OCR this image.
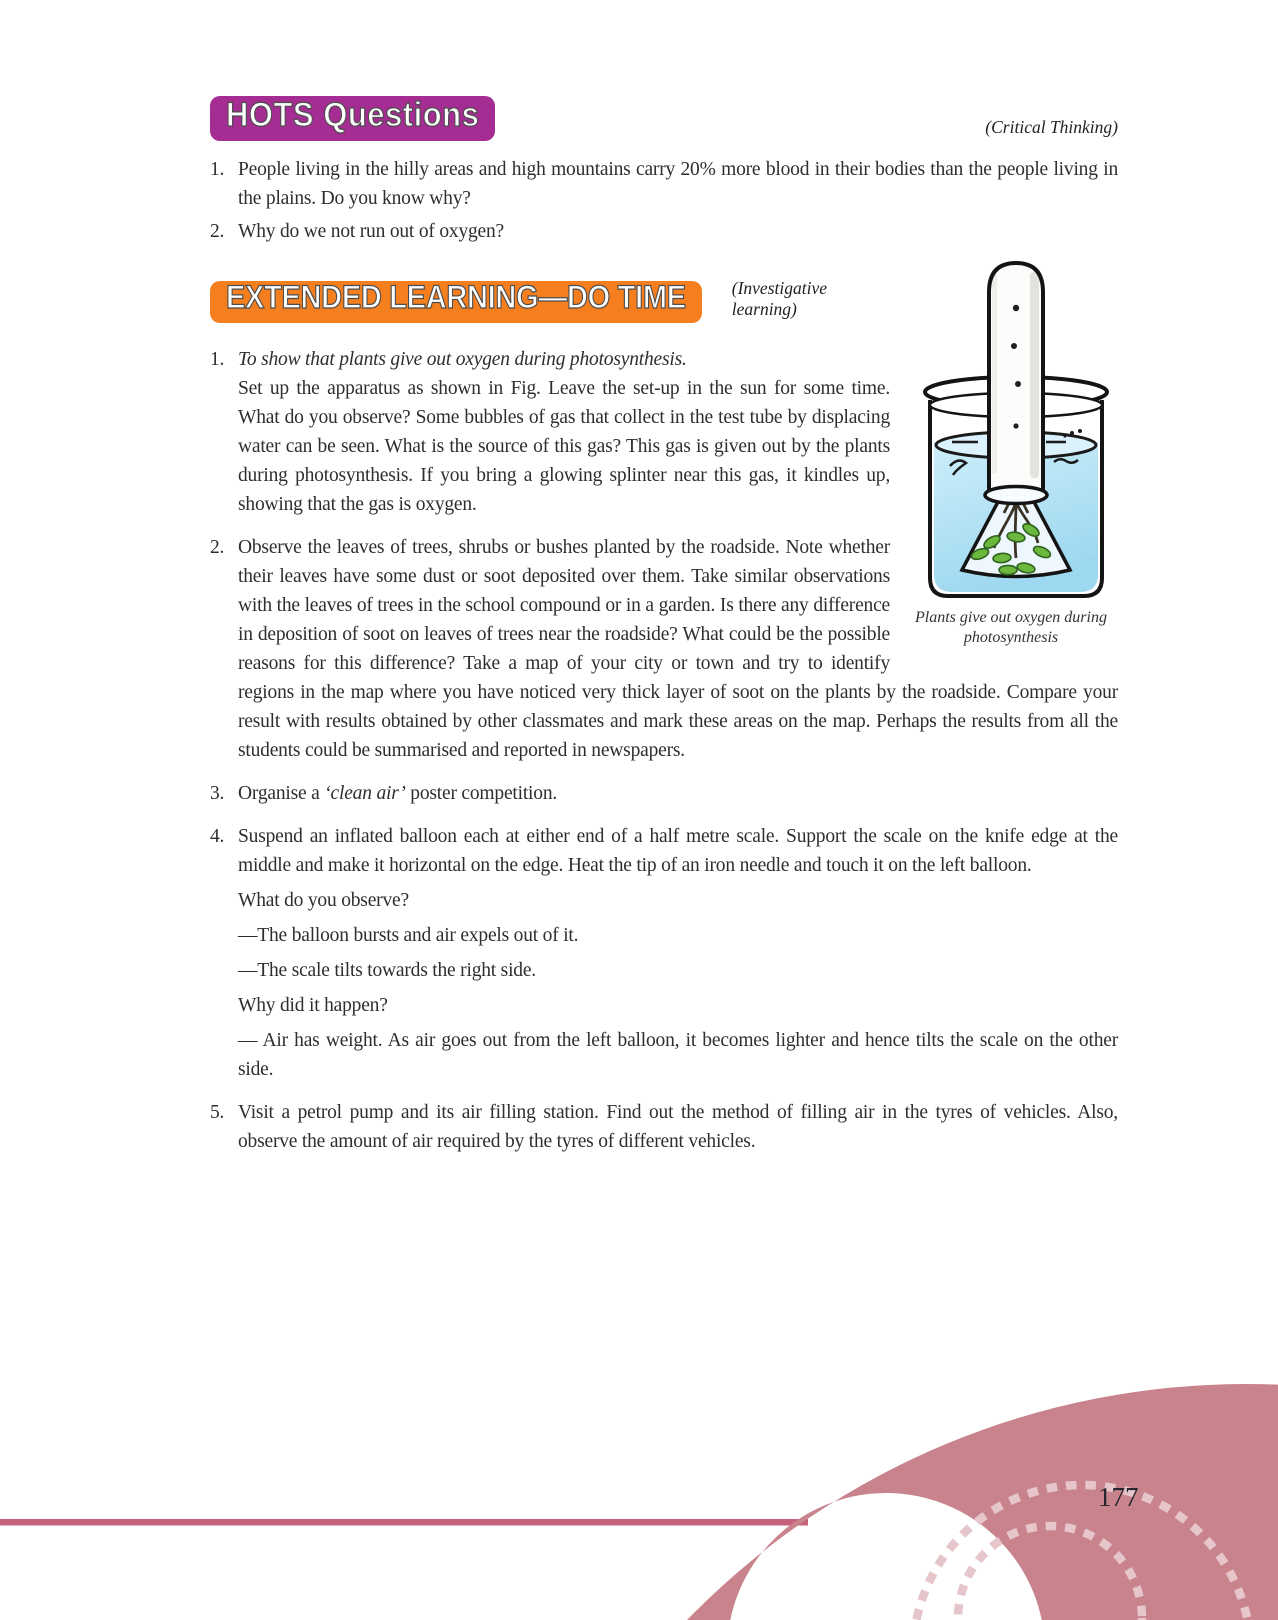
HOTS Questions	(Critical Thinking)
1. People living in the hilly areas and high mountains carry 20% more blood in their bodies than the people living in the plains. Do you know why?
2. Why do we not run out of oxygen?
Plants give out oxygen during photosynthesis
EXTENDED LEARNING—DO TIME	(Investigative learning)
1. To show that plants give out oxygen during photosynthesis.

Set up the apparatus as shown in Fig. Leave the set-up in the sun for some time. What do you observe? Some bubbles of gas that collect in the test tube by displacing water can be seen. What is the source of this gas? This gas is given out by the plants during photosynthesis. If you bring a glowing splinter near this gas, it kindles up, showing that the gas is oxygen.

2. Observe the leaves of trees, shrubs or bushes planted by the roadside. Note whether their leaves have some dust or soot deposited over them. Take similar observations with the leaves of trees in the school compound or in a garden. Is there any difference in deposition of soot on leaves of trees near the roadside? What could be the possible reasons for this difference? Take a map of your city or town and try to identify regions in the map where you have noticed very thick layer of soot on the plants by the roadside. Compare your result with results obtained by other classmates and mark these areas on the map. Perhaps the results from all the students could be summarised and reported in newspapers.
3. Organise a ‘clean air’ poster competition.
4. Suspend an inflated balloon each at either end of a half metre scale. Support the scale on the knife edge at the middle and make it horizontal on the edge. Heat the tip of an iron needle and touch it on the left balloon.

What do you observe?

—The balloon bursts and air expels out of it.

—The scale tilts towards the right side.

Why did it happen?

— Air has weight. As air goes out from the left balloon, it becomes lighter and hence tilts the scale on the other side.

5. Visit a petrol pump and its air filling station. Find out the method of filling air in the tyres of vehicles. Also, observe the amount of air required by the tyres of different vehicles.
177
